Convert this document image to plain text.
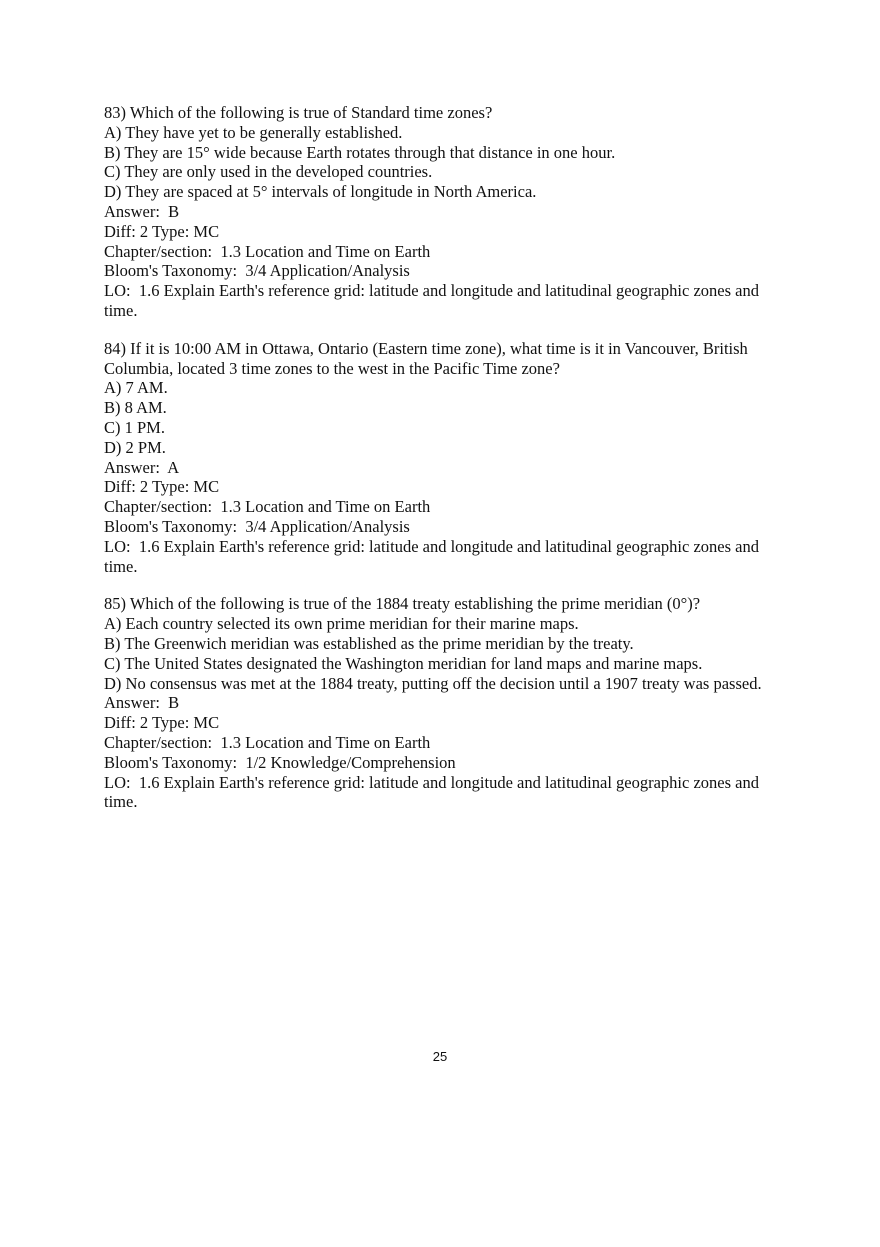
83) Which of the following is true of Standard time zones?
A) They have yet to be generally established.
B) They are 15° wide because Earth rotates through that distance in one hour.
C) They are only used in the developed countries.
D) They are spaced at 5° intervals of longitude in North America.
Answer:  B
Diff: 2 Type: MC
Chapter/section:  1.3 Location and Time on Earth
Bloom's Taxonomy:  3/4 Application/Analysis
LO:  1.6 Explain Earth's reference grid: latitude and longitude and latitudinal geographic zones and time.
84) If it is 10:00 AM in Ottawa, Ontario (Eastern time zone), what time is it in Vancouver, British Columbia, located 3 time zones to the west in the Pacific Time zone?
A) 7 AM.
B) 8 AM.
C) 1 PM.
D) 2 PM.
Answer:  A
Diff: 2 Type: MC
Chapter/section:  1.3 Location and Time on Earth
Bloom's Taxonomy:  3/4 Application/Analysis
LO:  1.6 Explain Earth's reference grid: latitude and longitude and latitudinal geographic zones and time.
85) Which of the following is true of the 1884 treaty establishing the prime meridian (0°)?
A) Each country selected its own prime meridian for their marine maps.
B) The Greenwich meridian was established as the prime meridian by the treaty.
C) The United States designated the Washington meridian for land maps and marine maps.
D) No consensus was met at the 1884 treaty, putting off the decision until a 1907 treaty was passed.
Answer:  B
Diff: 2 Type: MC
Chapter/section:  1.3 Location and Time on Earth
Bloom's Taxonomy:  1/2 Knowledge/Comprehension
LO:  1.6 Explain Earth's reference grid: latitude and longitude and latitudinal geographic zones and time.
25
